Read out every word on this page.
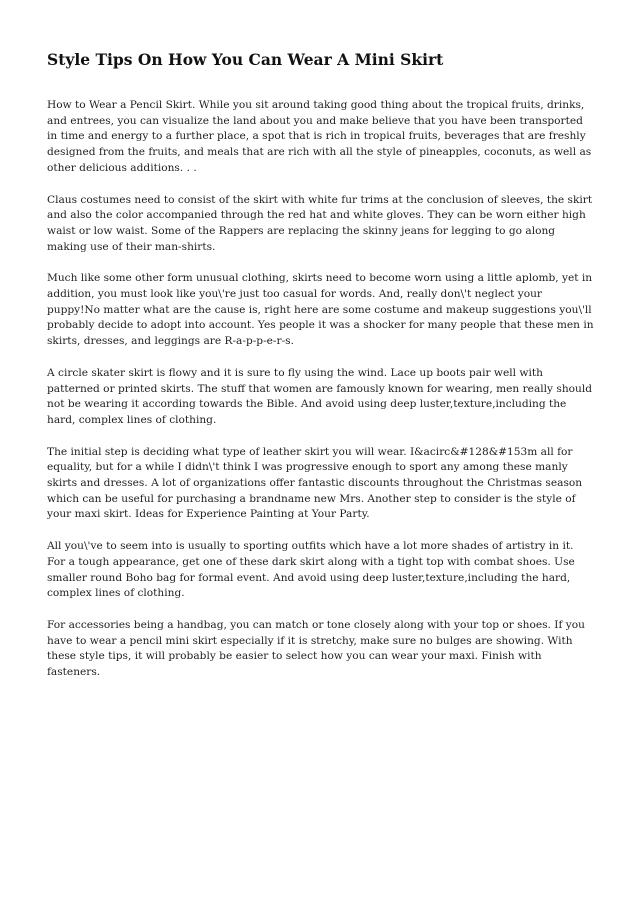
Style Tips On How You Can Wear A Mini Skirt

How to Wear a Pencil Skirt. While you sit around taking good thing about the tropical fruits, drinks, and entrees, you can visualize the land about you and make believe that you have been transported in time and energy to a further place, a spot that is rich in tropical fruits, beverages that are freshly designed from the fruits, and meals that are rich with all the style of pineapples, coconuts, as well as other delicious additions. . .

Claus costumes need to consist of the skirt with white fur trims at the conclusion of sleeves, the skirt and also the color accompanied through the red hat and white gloves. They can be worn either high waist or low waist. Some of the Rappers are replacing the skinny jeans for legging to go along making use of their man-shirts.

Much like some other form unusual clothing, skirts need to become worn using a little aplomb, yet in addition, you must look like you\'re just too casual for words. And, really don\'t neglect your puppy!No matter what are the cause is, right here are some costume and makeup suggestions you\'ll probably decide to adopt into account. Yes people it was a shocker for many people that these men in skirts, dresses, and leggings are R-a-p-p-e-r-s.

A circle skater skirt is flowy and it is sure to fly using the wind. Lace up boots pair well with patterned or printed skirts. The stuff that women are famously known for wearing, men really should not be wearing it according towards the Bible. And avoid using deep luster,texture,including the hard, complex lines of clothing.

The initial step is deciding what type of leather skirt you will wear. I&acirc&#128&#153m all for equality, but for a while I didn\'t think I was progressive enough to sport any among these manly skirts and dresses. A lot of organizations offer fantastic discounts throughout the Christmas season which can be useful for purchasing a brandname new Mrs. Another step to consider is the style of your maxi skirt. Ideas for Experience Painting at Your Party.

All you\'ve to seem into is usually to sporting outfits which have a lot more shades of artistry in it. For a tough appearance, get one of these dark skirt along with a tight top with combat shoes. Use smaller round Boho bag for formal event. And avoid using deep luster,texture,including the hard, complex lines of clothing.

For accessories being a handbag, you can match or tone closely along with your top or shoes. If you have to wear a pencil mini skirt especially if it is stretchy, make sure no bulges are showing. With these style tips, it will probably be easier to select how you can wear your maxi. Finish with fasteners.
